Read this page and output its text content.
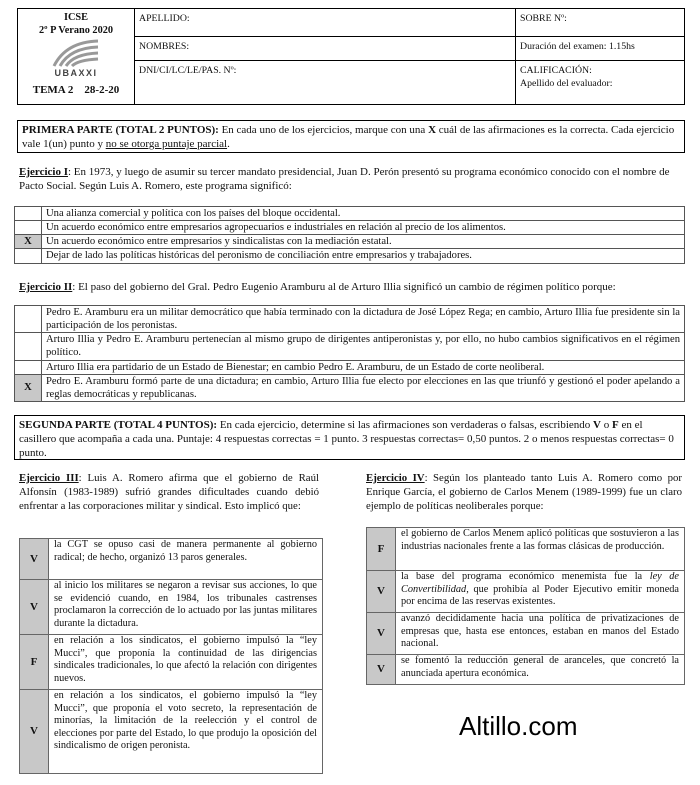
ICSE
2º P Verano 2020
UBAXXI
TEMA 2 28-2-20	APELLIDO:	SOBRE Nº:
	NOMBRES:	Duración del examen: 1.15hs
	DNI/CI/LC/LE/PAS. Nº:	CALIFICACIÓN:
Apellido del evaluador:
PRIMERA PARTE (TOTAL 2 PUNTOS): En cada uno de los ejercicios, marque con una X cuál de las afirmaciones es la correcta. Cada ejercicio vale 1(un) punto y no se otorga puntaje parcial.
Ejercicio I: En 1973, y luego de asumir su tercer mandato presidencial, Juan D. Perón presentó su programa económico conocido con el nombre de Pacto Social. Según Luis A. Romero, este programa significó:
	Una alianza comercial y política con los países del bloque occidental.
	Un acuerdo económico entre empresarios agropecuarios e industriales en relación al precio de los alimentos.
X	Un acuerdo económico entre empresarios y sindicalistas con la mediación estatal.
	Dejar de lado las políticas históricas del peronismo de conciliación entre empresarios y trabajadores.
Ejercicio II: El paso del gobierno del Gral. Pedro Eugenio Aramburu al de Arturo Illia significó un cambio de régimen político porque:
	Pedro E. Aramburu era un militar democrático que había terminado con la dictadura de José López Rega; en cambio, Arturo Illia fue presidente sin la participación de los peronistas.
	Arturo Illia y Pedro E. Aramburu pertenecían al mismo grupo de dirigentes antiperonistas y, por ello, no hubo cambios significativos en el régimen político.
	Arturo Illia era partidario de un Estado de Bienestar; en cambio Pedro E. Aramburu, de un Estado de corte neoliberal.
X	Pedro E. Aramburu formó parte de una dictadura; en cambio, Arturo Illia fue electo por elecciones en las que triunfó y gestionó el poder apelando a reglas democráticas y republicanas.
SEGUNDA PARTE (TOTAL 4 PUNTOS): En cada ejercicio, determine si las afirmaciones son verdaderas o falsas, escribiendo V o F en el casillero que acompaña a cada una. Puntaje: 4 respuestas correctas = 1 punto. 3 respuestas correctas= 0,50 puntos. 2 o menos respuestas correctas= 0 punto.
Ejercicio III: Luis A. Romero afirma que el gobierno de Raúl Alfonsín (1983-1989) sufrió grandes dificultades cuando debió enfrentar a las corporaciones militar y sindical. Esto implicó que:
V	la CGT se opuso casi de manera permanente al gobierno radical; de hecho, organizó 13 paros generales.

V	al inicio los militares se negaron a revisar sus acciones, lo que se evidenció cuando, en 1984, los tribunales castrenses proclamaron la corrección de lo actuado por las juntas militares durante la dictadura.

F	en relación a los sindicatos, el gobierno impulsó la “ley Mucci”, que proponía la continuidad de las dirigencias sindicales tradicionales, lo que afectó la relación con dirigentes nuevos.

V	en relación a los sindicatos, el gobierno impulsó la “ley Mucci”, que proponía el voto secreto, la representación de minorías, la limitación de la reelección y el control de elecciones por parte del Estado, lo que produjo la oposición del sindicalismo de origen peronista.
Ejercicio IV: Según los planteado tanto Luis A. Romero como por Enrique García, el gobierno de Carlos Menem (1989-1999) fue un claro ejemplo de políticas neoliberales porque:
F	el gobierno de Carlos Menem aplicó políticas que sostuvieron a las industrias nacionales frente a las formas clásicas de producción.

V	la base del programa económico menemista fue la ley de Convertibilidad, que prohibía al Poder Ejecutivo emitir moneda por encima de las reservas existentes.

V	avanzó decididamente hacia una política de privatizaciones de empresas que, hasta ese entonces, estaban en manos del Estado nacional.

V	se fomentó la reducción general de aranceles, que concretó la anunciada apertura económica.
Altillo.com
